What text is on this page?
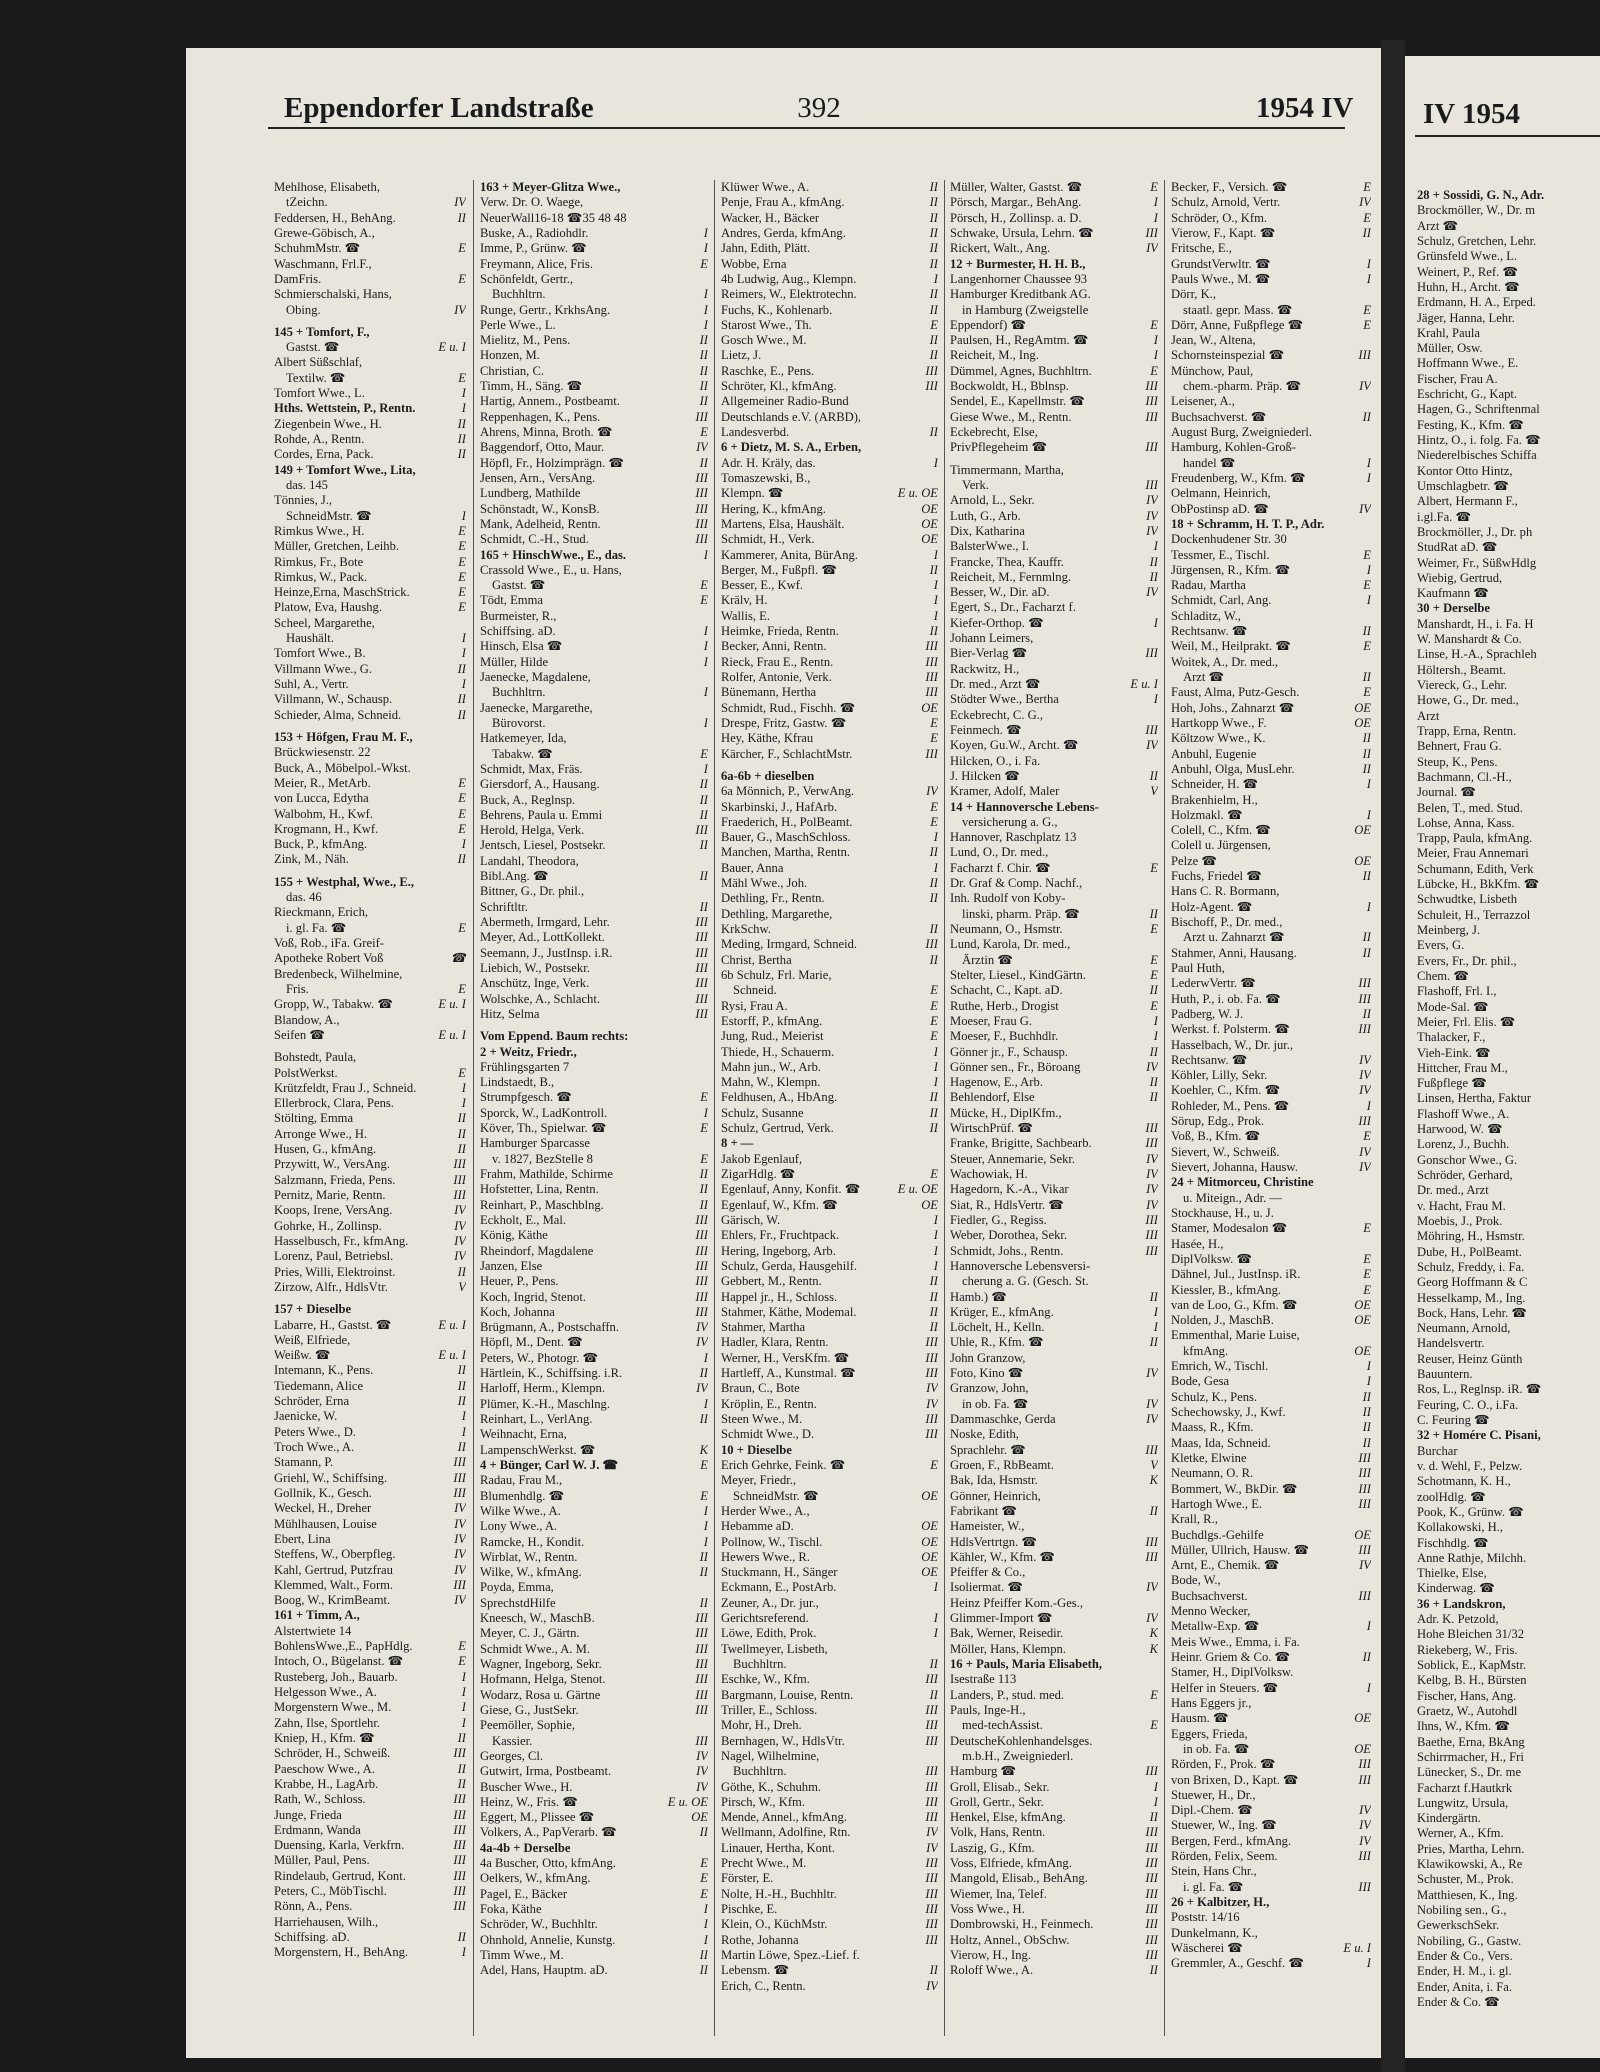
Eppendorfer Landstraße	392	1954 IV
Mehlhose, Elisabeth,
tZeichn.	IV
Feddersen, H., BehAng.	II
Grewe-Göbisch, A.,
SchuhmMstr. ☎	E
Waschmann, Frl.F.,
DamFris.	E
Schmierschalski, Hans,
Obing.	IV
145 + Tomfort, F.,
Gastst. ☎	E u. I
Albert Süßschlaf,
Textilw. ☎	E
Tomfort Wwe., L.	I
Hths. Wettstein, P., Rentn.	I
Ziegenbein Wwe., H.	II
Rohde, A., Rentn.	II
Cordes, Erna, Pack.	II
149 + Tomfort Wwe., Lita,
das. 145
Tönnies, J.,
SchneidMstr. ☎	I
Rimkus Wwe., H.	E
Müller, Gretchen, Leihb.	E
Rimkus, Fr., Bote	E
Rimkus, W., Pack.	E
Heinze,Erna, MaschStrick.	E
Platow, Eva, Haushg.	E
Scheel, Margarethe,
Haushält.	I
Tomfort Wwe., B.	I
Villmann Wwe., G.	II
Suhl, A., Vertr.	I
Villmann, W., Schausp.	II
Schieder, Alma, Schneid.	II
153 + Höfgen, Frau M. F.,
Brückwiesenstr. 22
Buck, A., Möbelpol.-Wkst.
Meier, R., MetArb.	E
von Lucca, Edytha	E
Walbohm, H., Kwf.	E
Krogmann, H., Kwf.	E
Buck, P., kfmAng.	I
Zink, M., Näh.	II
155 + Westphal, Wwe., E.,
das. 46
Rieckmann, Erich,
i. gl. Fa. ☎	E
Voß, Rob., iFa. Greif-
Apotheke Robert Voß	☎
Bredenbeck, Wilhelmine,
Fris.	E
Gropp, W., Tabakw. ☎	E u. I
Blandow, A.,
Seifen ☎	E u. I
Bohstedt, Paula,
PolstWerkst.	E
Krützfeldt, Frau J., Schneid.	I
Ellerbrock, Clara, Pens.	I
Stölting, Emma	II
Arronge Wwe., H.	II
Husen, G., kfmAng.	II
Przywitt, W., VersAng.	III
Salzmann, Frieda, Pens.	III
Pernitz, Marie, Rentn.	III
Koops, Irene, VersAng.	IV
Gohrke, H., Zollinsp.	IV
Hasselbusch, Fr., kfmAng.	IV
Lorenz, Paul, Betriebsl.	IV
Pries, Willi, Elektroinst.	II
Zirzow, Alfr., HdlsVtr.	V
157 + Dieselbe
Labarre, H., Gastst. ☎	E u. I
Weiß, Elfriede,
Weißw. ☎	E u. I
Intemann, K., Pens.	II
Tiedemann, Alice	II
Schröder, Erna	II
Jaenicke, W.	I
Peters Wwe., D.	I
Troch Wwe., A.	II
Stamann, P.	III
Griehl, W., Schiffsing.	III
Gollnik, K., Gesch.	III
Weckel, H., Dreher	IV
Mühlhausen, Louise	IV
Ebert, Lina	IV
Steffens, W., Oberpfleg.	IV
Kahl, Gertrud, Putzfrau	IV
Klemmed, Walt., Form.	III
Boog, W., KrimBeamt.	IV
161 + Timm, A.,
Alstertwiete 14
BohlensWwe.,E., PapHdlg.	E
Intoch, O., Bügelanst. ☎	E
Rusteberg, Joh., Bauarb.	I
Helgesson Wwe., A.	I
Morgenstern Wwe., M.	I
Zahn, Ilse, Sportlehr.	I
Kniep, H., Kfm. ☎	II
Schröder, H., Schweiß.	III
Paeschow Wwe., A.	II
Krabbe, H., LagArb.	II
Rath, W., Schloss.	III
Junge, Frieda	III
Erdmann, Wanda	III
Duensing, Karla, Verkfrn.	III
Müller, Paul, Pens.	III
Rindelaub, Gertrud, Kont.	III
Peters, C., MöbTischl.	III
Rönn, A., Pens.	III
Harriehausen, Wilh.,
Schiffsing. aD.	II
Morgenstern, H., BehAng.	I
163 + Meyer-Glitza Wwe.,
Verw. Dr. O. Waege,
NeuerWall16-18 ☎35 48 48
Buske, A., Radiohdlr.	I
Imme, P., Grünw. ☎	I
Freymann, Alice, Fris.	E
Schönfeldt, Gertr.,
Buchhltrn.	I
Runge, Gertr., KrkhsAng.	I
Perle Wwe., L.	I
Mielitz, M., Pens.	II
Honzen, M.	II
Christian, C.	II
Timm, H., Säng. ☎	II
Hartig, Annem., Postbeamt.	II
Reppenhagen, K., Pens.	III
Ahrens, Minna, Broth. ☎	E
Baggendorf, Otto, Maur.	IV
Höpfl, Fr., Holzimprägn. ☎	II
Jensen, Arn., VersAng.	III
Lundberg, Mathilde	III
Schönstadt, W., KonsB.	III
Mank, Adelheid, Rentn.	III
Schmidt, C.-H., Stud.	III
165 + HinschWwe., E., das.	I
Crassold Wwe., E., u. Hans,
Gastst. ☎	E
Tödt, Emma	E
Burmeister, R.,
Schiffsing. aD.	I
Hinsch, Elsa ☎	I
Müller, Hilde	I
Jaenecke, Magdalene,
Buchhltrn.	I
Jaenecke, Margarethe,
Bürovorst.	I
Hatkemeyer, Ida,
Tabakw. ☎	E
Schmidt, Max, Fräs.	I
Giersdorf, A., Hausang.	II
Buck, A., Reglnsp.	II
Behrens, Paula u. Emmi	II
Herold, Helga, Verk.	III
Jentsch, Liesel, Postsekr.	II
Landahl, Theodora,
Bibl.Ang. ☎	II
Bittner, G., Dr. phil.,
Schriftltr.	II
Abermeth, Irmgard, Lehr.	III
Meyer, Ad., LottKollekt.	III
Seemann, J., JustInsp. i.R.	III
Liebich, W., Postsekr.	III
Anschütz, Inge, Verk.	III
Wolschke, A., Schlacht.	III
Hitz, Selma	III
Vom Eppend. Baum rechts:
2 + Weitz, Friedr.,
Frühlingsgarten 7
Lindstaedt, B.,
Strumpfgesch. ☎	E
Sporck, W., LadKontroll.	I
Köver, Th., Spielwar. ☎	E
Hamburger Sparcasse
v. 1827, BezStelle 8	E
Frahm, Mathilde, Schirme	II
Hofstetter, Lina, Rentn.	II
Reinhart, P., Maschblng.	II
Eckholt, E., Mal.	III
König, Käthe	III
Rheindorf, Magdalene	III
Janzen, Else	III
Heuer, P., Pens.	III
Koch, Ingrid, Stenot.	III
Koch, Johanna	III
Brügmann, A., Postschaffn.	IV
Höpfl, M., Dent. ☎	IV
Peters, W., Photogr. ☎	I
Härtlein, K., Schiffsing. i.R.	II
Harloff, Herm., Klempn.	IV
Plümer, K.-H., Maschlng.	I
Reinhart, L., VerlAng.	II
Weihnacht, Erna,
LampenschWerkst. ☎	K
4 + Bünger, Carl W. J. ☎	E
Radau, Frau M.,
Blumenhdlg. ☎	E
Wilke Wwe., A.	I
Lony Wwe., A.	I
Ramcke, H., Kondit.	I
Wirblat, W., Rentn.	II
Wilke, W., kfmAng.	II
Poyda, Emma,
SprechstdHilfe	II
Kneesch, W., MaschB.	III
Meyer, C. J., Gärtn.	III
Schmidt Wwe., A. M.	III
Wagner, Ingeborg, Sekr.	III
Hofmann, Helga, Stenot.	III
Wodarz, Rosa u. Gärtne	III
Giese, G., JustSekr.	III
Peemöller, Sophie,
Kassier.	III
Georges, Cl.	IV
Gutwirt, Irma, Postbeamt.	IV
Buscher Wwe., H.	IV
Heinz, W., Fris. ☎	E u. OE
Eggert, M., Plissee ☎	OE
Volkers, A., PapVerarb. ☎	II
4a-4b + Derselbe
4a Buscher, Otto, kfmAng.	E
Oelkers, W., kfmAng.	E
Pagel, E., Bäcker	E
Foka, Käthe	I
Schröder, W., Buchhltr.	I
Ohnhold, Annelie, Kunstg.	I
Timm Wwe., M.	II
Adel, Hans, Hauptm. aD.	II
Klüwer Wwe., A.	II
Penje, Frau A., kfmAng.	II
Wacker, H., Bäcker	II
Andres, Gerda, kfmAng.	II
Jahn, Edith, Plätt.	II
Wobbe, Erna	II
4b Ludwig, Aug., Klempn.	I
Reimers, W., Elektrotechn.	II
Fuchs, K., Kohlenarb.	II
Starost Wwe., Th.	E
Gosch Wwe., M.	II
Lietz, J.	II
Raschke, E., Pens.	III
Schröter, Kl., kfmAng.	III
Allgemeiner Radio-Bund
Deutschlands e.V. (ARBD),
Landesverbd.	II
6 + Dietz, M. S. A., Erben,
Adr. H. Kräly, das.	I
Tomaszewski, B.,
Klempn. ☎	E u. OE
Hering, K., kfmAng.	OE
Martens, Elsa, Haushält.	OE
Schmidt, H., Verk.	OE
Kammerer, Anita, BürAng.	I
Berger, M., Fußpfl. ☎	II
Besser, E., Kwf.	I
Krälv, H.	I
Wallis, E.	I
Heimke, Frieda, Rentn.	II
Becker, Anni, Rentn.	III
Rieck, Frau E., Rentn.	III
Rolfer, Antonie, Verk.	III
Bünemann, Hertha	III
Schmidt, Rud., Fischh. ☎	OE
Drespe, Fritz, Gastw. ☎	E
Hey, Käthe, Kfrau	E
Kärcher, F., SchlachtMstr.	III
6a-6b + dieselben
6a Mönnich, P., VerwAng.	IV
Skarbinski, J., HafArb.	E
Fraederich, H., PolBeamt.	E
Bauer, G., MaschSchloss.	I
Manchen, Martha, Rentn.	II
Bauer, Anna	I
Mähl Wwe., Joh.	II
Dethling, Fr., Rentn.	II
Dethling, Margarethe,
KrkSchw.	II
Meding, Irmgard, Schneid.	III
Christ, Bertha	II
6b Schulz, Frl. Marie,
Schneid.	E
Rysi, Frau A.	E
Estorff, P., kfmAng.	E
Jung, Rud., Meierist	E
Thiede, H., Schauerm.	I
Mahn jun., W., Arb.	I
Mahn, W., Klempn.	I
Feldhusen, A., HbAng.	II
Schulz, Susanne	II
Schulz, Gertrud, Verk.	II
8 + —
Jakob Egenlauf,
ZigarHdlg. ☎	E
Egenlauf, Anny, Konfit. ☎	E u. OE
Egenlauf, W., Kfm. ☎	OE
Gärisch, W.	I
Ehlers, Fr., Fruchtpack.	I
Hering, Ingeborg, Arb.	I
Schulz, Gerda, Hausgehilf.	I
Gebbert, M., Rentn.	II
Happel jr., H., Schloss.	II
Stahmer, Käthe, Modemal.	II
Stahmer, Martha	II
Hadler, Klara, Rentn.	III
Werner, H., VersKfm. ☎	III
Hartleff, A., Kunstmal. ☎	III
Braun, C., Bote	IV
Kröplin, E., Rentn.	IV
Steen Wwe., M.	III
Schmidt Wwe., D.	III
10 + Dieselbe
Erich Gehrke, Feink. ☎	E
Meyer, Friedr.,
SchneidMstr. ☎	OE
Herder Wwe., A.,
Hebamme aD.	OE
Pollnow, W., Tischl.	OE
Hewers Wwe., R.	OE
Stuckmann, H., Sänger	OE
Eckmann, E., PostArb.	I
Zeuner, A., Dr. jur.,
Gerichtsreferend.	I
Löwe, Edith, Prok.	I
Twellmeyer, Lisbeth,
Buchhltrn.	II
Eschke, W., Kfm.	III
Bargmann, Louise, Rentn.	II
Triller, E., Schloss.	III
Mohr, H., Dreh.	III
Bernhagen, W., HdlsVtr.	III
Nagel, Wilhelmine,
Buchhltrn.	III
Göthe, K., Schuhm.	III
Pirsch, W., Kfm.	III
Mende, Annel., kfmAng.	III
Wellmann, Adolfine, Rtn.	IV
Linauer, Hertha, Kont.	IV
Precht Wwe., M.	III
Förster, E.	III
Nolte, H.-H., Buchhltr.	III
Pischke, E.	III
Klein, O., KüchMstr.	III
Rothe, Johanna	III
Martin Löwe, Spez.-Lief. f.
Lebensm. ☎	II
Erich, C., Rentn.	IV
Müller, Walter, Gastst. ☎	E
Pörsch, Margar., BehAng.	I
Pörsch, H., Zollinsp. a. D.	I
Schwake, Ursula, Lehrn. ☎	III
Rickert, Walt., Ang.	IV
12 + Burmester, H. H. B.,
Langenhorner Chaussee 93
Hamburger Kreditbank AG.
in Hamburg (Zweigstelle
Eppendorf) ☎	E
Paulsen, H., RegAmtm. ☎	I
Reicheit, M., Ing.	I
Dümmel, Agnes, Buchhltrn.	E
Bockwoldt, H., Bblnsp.	III
Sendel, E., Kapellmstr. ☎	III
Giese Wwe., M., Rentn.	III
Eckebrecht, Else,
PrivPflegeheim ☎	III
Timmermann, Martha,
Verk.	III
Arnold, L., Sekr.	IV
Luth, G., Arb.	IV
Dix, Katharina	IV
BalsterWwe., I.	I
Francke, Thea, Kauffr.	II
Reicheit, M., Fernmlng.	II
Besser, W., Dir. aD.	IV
Egert, S., Dr., Facharzt f.
Kiefer-Orthop. ☎	I
Johann Leimers,
Bier-Verlag ☎	III
Rackwitz, H.,
Dr. med., Arzt ☎	E u. I
Stödter Wwe., Bertha	I
Eckebrecht, C. G.,
Feinmech. ☎	III
Koyen, Gu.W., Archt. ☎	IV
Hilcken, O., i. Fa.
J. Hilcken ☎	II
Kramer, Adolf, Maler	V
14 + Hannoversche Lebens-
versicherung a. G.,
Hannover, Raschplatz 13
Lund, O., Dr. med.,
Facharzt f. Chir. ☎	E
Dr. Graf & Comp. Nachf.,
Inh. Rudolf von Koby-
linski, pharm. Präp. ☎	II
Neumann, O., Hsmstr.	E
Lund, Karola, Dr. med.,
Ärztin ☎	E
Stelter, Liesel., KindGärtn.	E
Schacht, C., Kapt. aD.	II
Ruthe, Herb., Drogist	E
Moeser, Frau G.	I
Moeser, F., Buchhdlr.	I
Gönner jr., F., Schausp.	II
Gönner sen., Fr., Böroang	IV
Hagenow, E., Arb.	II
Behlendorf, Else	II
Mücke, H., DiplKfm.,
WirtschPrüf. ☎	III
Franke, Brigitte, Sachbearb.	III
Steuer, Annemarie, Sekr.	IV
Wachowiak, H.	IV
Hagedorn, K.-A., Vikar	IV
Siat, R., HdlsVertr. ☎	IV
Fiedler, G., Regiss.	III
Weber, Dorothea, Sekr.	III
Schmidt, Johs., Rentn.	III
Hannoversche Lebensversi-
cherung a. G. (Gesch. St.
Hamb.) ☎	II
Krüger, E., kfmAng.	I
Löchelt, H., Kelln.	I
Uhle, R., Kfm. ☎	II
John Granzow,
Foto, Kino ☎	IV
Granzow, John,
in ob. Fa. ☎	IV
Dammaschke, Gerda	IV
Noske, Edith,
Sprachlehr. ☎	III
Groen, F., RbBeamt.	V
Bak, Ida, Hsmstr.	K
Gönner, Heinrich,
Fabrikant ☎	II
Hameister, W.,
HdlsVertrtgn. ☎	III
Kähler, W., Kfm. ☎	III
Pfeiffer & Co.,
Isoliermat. ☎	IV
Heinz Pfeiffer Kom.-Ges.,
Glimmer-Import ☎	IV
Bak, Werner, Reisedir.	K
Möller, Hans, Klempn.	K
16 + Pauls, Maria Elisabeth,
Isestraße 113
Landers, P., stud. med.	E
Pauls, Inge-H.,
med-techAssist.	E
DeutscheKohlenhandelsges.
m.b.H., Zweigniederl.
Hamburg ☎	III
Groll, Elisab., Sekr.	I
Groll, Gertr., Sekr.	I
Henkel, Else, kfmAng.	II
Volk, Hans, Rentn.	III
Laszig, G., Kfm.	III
Voss, Elfriede, kfmAng.	III
Mangold, Elisab., BehAng.	III
Wiemer, Ina, Telef.	III
Voss Wwe., H.	III
Dombrowski, H., Feinmech.	III
Holtz, Annel., ObSchw.	III
Vierow, H., Ing.	III
Roloff Wwe., A.	II
Becker, F., Versich. ☎	E
Schulz, Arnold, Vertr.	IV
Schröder, O., Kfm.	E
Vierow, F., Kapt. ☎	II
Fritsche, E.,
GrundstVerwltr. ☎	I
Pauls Wwe., M. ☎	I
Dörr, K.,
staatl. gepr. Mass. ☎	E
Dörr, Anne, Fußpflege ☎	E
Jean, W., Altena,
Schornsteinspezial ☎	III
Münchow, Paul,
chem.-pharm. Präp. ☎	IV
Leisener, A.,
Buchsachverst. ☎	II
August Burg, Zweigniederl.
Hamburg, Kohlen-Groß-
handel ☎	I
Freudenberg, W., Kfm. ☎	I
Oelmann, Heinrich,
ObPostinsp aD. ☎	IV
18 + Schramm, H. T. P., Adr.
Dockenhudener Str. 30
Tessmer, E., Tischl.	E
Jürgensen, R., Kfm. ☎	I
Radau, Martha	E
Schmidt, Carl, Ang.	I
Schladitz, W.,
Rechtsanw. ☎	II
Weil, M., Heilprakt. ☎	E
Woitek, A., Dr. med.,
Arzt ☎	II
Faust, Alma, Putz-Gesch.	E
Hoh, Johs., Zahnarzt ☎	OE
Hartkopp Wwe., F.	OE
Költzow Wwe., K.	II
Anbuhl, Eugenie	II
Anbuhl, Olga, MusLehr.	II
Schneider, H. ☎	I
Brakenhielm, H.,
Holzmakl. ☎	I
Colell, C., Kfm. ☎	OE
Colell u. Jürgensen,
Pelze ☎	OE
Fuchs, Friedel ☎	II
Hans C. R. Bormann,
Holz-Agent. ☎	I
Bischoff, P., Dr. med.,
Arzt u. Zahnarzt ☎	II
Stahmer, Anni, Hausang.	II
Paul Huth,
LederwVertr. ☎	III
Huth, P., i. ob. Fa. ☎	III
Padberg, W. J.	II
Werkst. f. Polsterm. ☎	III
Hasselbach, W., Dr. jur.,
Rechtsanw. ☎	IV
Köhler, Lilly, Sekr.	IV
Koehler, C., Kfm. ☎	IV
Rohleder, M., Pens. ☎	I
Sörup, Edg., Prok.	III
Voß, B., Kfm. ☎	E
Sievert, W., Schweiß.	IV
Sievert, Johanna, Hausw.	IV
24 + Mitmorceu, Christine
u. Miteign., Adr. —
Stockhause, H., u. J.
Stamer, Modesalon ☎	E
Hasée, H.,
DiplVolksw. ☎	E
Dähnel, Jul., JustInsp. iR.	E
Kiessler, B., kfmAng.	E
van de Loo, G., Kfm. ☎	OE
Nolden, J., MaschB.	OE
Emmenthal, Marie Luise,
kfmAng.	OE
Emrich, W., Tischl.	I
Bode, Gesa	I
Schulz, K., Pens.	II
Schechowsky, J., Kwf.	II
Maass, R., Kfm.	II
Maas, Ida, Schneid.	II
Kletke, Elwine	III
Neumann, O. R.	III
Bommert, W., BkDir. ☎	III
Hartogh Wwe., E.	III
Krall, R.,
Buchdlgs.-Gehilfe	OE
Müller, Ullrich, Hausw. ☎	III
Arnt, E., Chemik. ☎	IV
Bode, W.,
Buchsachverst.	III
Menno Wecker,
Metallw-Exp. ☎	I
Meis Wwe., Emma, i. Fa.
Heinr. Griem & Co. ☎	II
Stamer, H., DiplVolksw.
Helfer in Steuers. ☎	I
Hans Eggers jr.,
Hausm. ☎	OE
Eggers, Frieda,
in ob. Fa. ☎	OE
Rörden, F., Prok. ☎	III
von Brixen, D., Kapt. ☎	III
Stuewer, H., Dr.,
Dipl.-Chem. ☎	IV
Stuewer, W., Ing. ☎	IV
Bergen, Ferd., kfmAng.	IV
Rörden, Felix, Seem.	III
Stein, Hans Chr.,
i. gl. Fa. ☎	III
26 + Kalbitzer, H.,
Poststr. 14/16
Dunkelmann, K.,
Wäscherei ☎	E u. I
Gremmler, A., Geschf. ☎	I
IV 1954
28 + Sossidi, G. N., Adr.
Brockmöller, W., Dr. m
Arzt ☎
Schulz, Gretchen, Lehr.
Grünsfeld Wwe., L.
Weinert, P., Ref. ☎
Huhn, H., Archt. ☎
Erdmann, H. A., Erped.
Jäger, Hanna, Lehr.
Krahl, Paula
Müller, Osw.
Hoffmann Wwe., E.
Fischer, Frau A.
Eschricht, G., Kapt.
Hagen, G., Schriftenmal
Festing, K., Kfm. ☎
Hintz, O., i. folg. Fa. ☎
Niederelbisches Schiffa
Kontor Otto Hintz,
Umschlagbetr. ☎
Albert, Hermann F.,
i.gl.Fa. ☎
Brockmöller, J., Dr. ph
StudRat aD. ☎
Weimer, Fr., SüßwHdlg
Wiebig, Gertrud,
Kaufmann ☎
30 + Derselbe
Manshardt, H., i. Fa. H
W. Manshardt & Co.
Linse, H.-A., Sprachleh
Höltersh., Beamt.
Viereck, G., Lehr.
Howe, G., Dr. med.,
Arzt
Trapp, Erna, Rentn.
Behnert, Frau G.
Steup, K., Pens.
Bachmann, Cl.-H.,
Journal. ☎
Belen, T., med. Stud.
Lohse, Anna, Kass.
Trapp, Paula, kfmAng.
Meier, Frau Annemari
Schumann, Edith, Verk
Lübcke, H., BkKfm. ☎
Schwudtke, Lisbeth
Schuleit, H., Terrazzol
Meinberg, J.
Evers, G.
Evers, Fr., Dr. phil.,
Chem. ☎
Flashoff, Frl. I.,
Mode-Sal. ☎
Meier, Frl. Elis. ☎
Thalacker, F.,
Vieh-Eink. ☎
Hittcher, Frau M.,
Fußpflege ☎
Linsen, Hertha, Faktur
Flashoff Wwe., A.
Harwood, W. ☎
Lorenz, J., Buchh.
Gonschor Wwe., G.
Schröder, Gerhard,
Dr. med., Arzt
v. Hacht, Frau M.
Moebis, J., Prok.
Möhring, H., Hsmstr.
Dube, H., PolBeamt.
Schulz, Freddy, i. Fa.
Georg Hoffmann & C
Hesselkamp, M., Ing.
Bock, Hans, Lehr. ☎
Neumann, Arnold,
Handelsvertr.
Reuser, Heinz Günth
Bauuntern.
Ros, L., Reglnsp. iR. ☎
Feuring, C. O., i.Fa.
C. Feuring ☎
32 + Homére C. Pisani,
Burchar
v. d. Wehl, F., Pelzw.
Schotmann, K. H.,
zoolHdlg. ☎
Pook, K., Grünw. ☎
Kollakowski, H.,
Fischhdlg. ☎
Anne Rathje, Milchh.
Thielke, Else,
Kinderwag. ☎
36 + Landskron,
Adr. K. Petzold,
Hohe Bleichen 31/32
Riekeberg, W., Fris.
Soblick, E., KapMstr.
Kelbg, B. H., Bürsten
Fischer, Hans, Ang.
Graetz, W., Autohdl
Ihns, W., Kfm. ☎
Baethe, Erna, BkAng
Schirrmacher, H., Fri
Lünecker, S., Dr. me
Facharzt f.Hautkrk
Lungwitz, Ursula,
Kindergärtn.
Werner, A., Kfm.
Pries, Martha, Lehrn.
Klawikowski, A., Re
Schuster, M., Prok.
Matthiesen, K., Ing.
Nobiling sen., G.,
GewerkschSekr.
Nobiling, G., Gastw.
Ender & Co., Vers.
Ender, H. M., i. gl.
Ender, Anita, i. Fa.
Ender & Co. ☎
